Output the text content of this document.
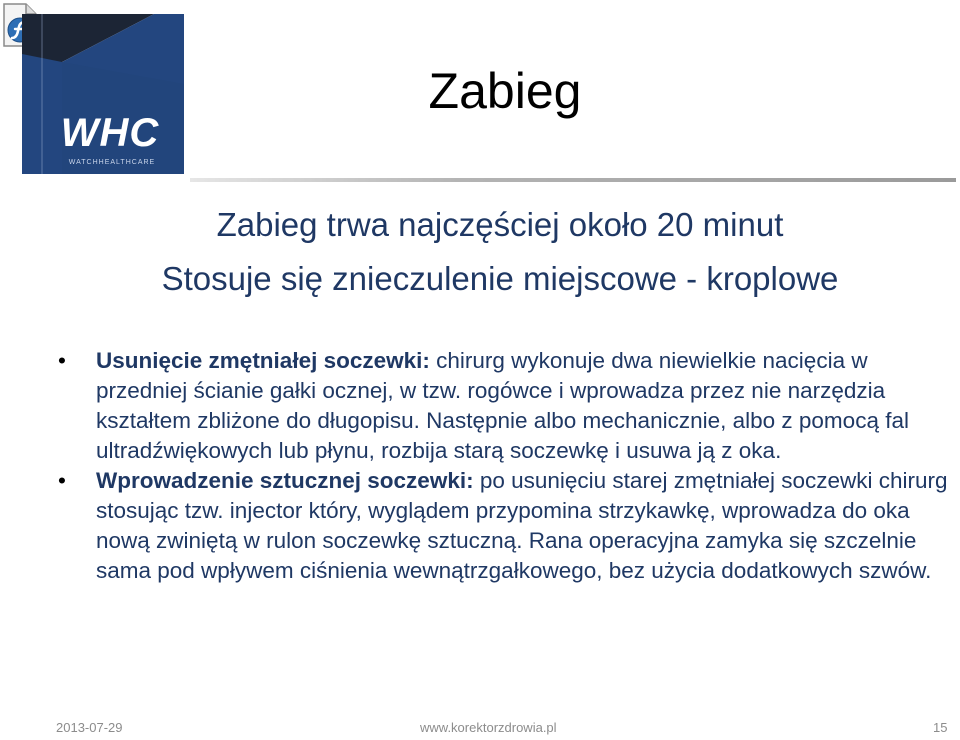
WHC
WATCHHEALTHCARE
Zabieg
Zabieg trwa najczęściej około 20 minut
Stosuje się znieczulenie miejscowe - kroplowe
• Usunięcie zmętniałej soczewki: chirurg wykonuje dwa niewielkie nacięcia w przedniej ścianie gałki ocznej, w tzw. rogówce i wprowadza przez nie narzędzia kształtem zbliżone do długopisu. Następnie albo mechanicznie, albo z pomocą fal ultradźwiękowych lub płynu, rozbija starą soczewkę i usuwa ją z oka.
• Wprowadzenie sztucznej soczewki: po usunięciu starej zmętniałej soczewki chirurg stosując tzw. injector który, wyglądem przypomina strzykawkę, wprowadza do oka nową zwiniętą w rulon soczewkę sztuczną. Rana operacyjna zamyka się szczelnie sama pod wpływem ciśnienia wewnątrzgałkowego, bez użycia dodatkowych szwów.
2013-07-29	www.korektorzdrowia.pl	15
